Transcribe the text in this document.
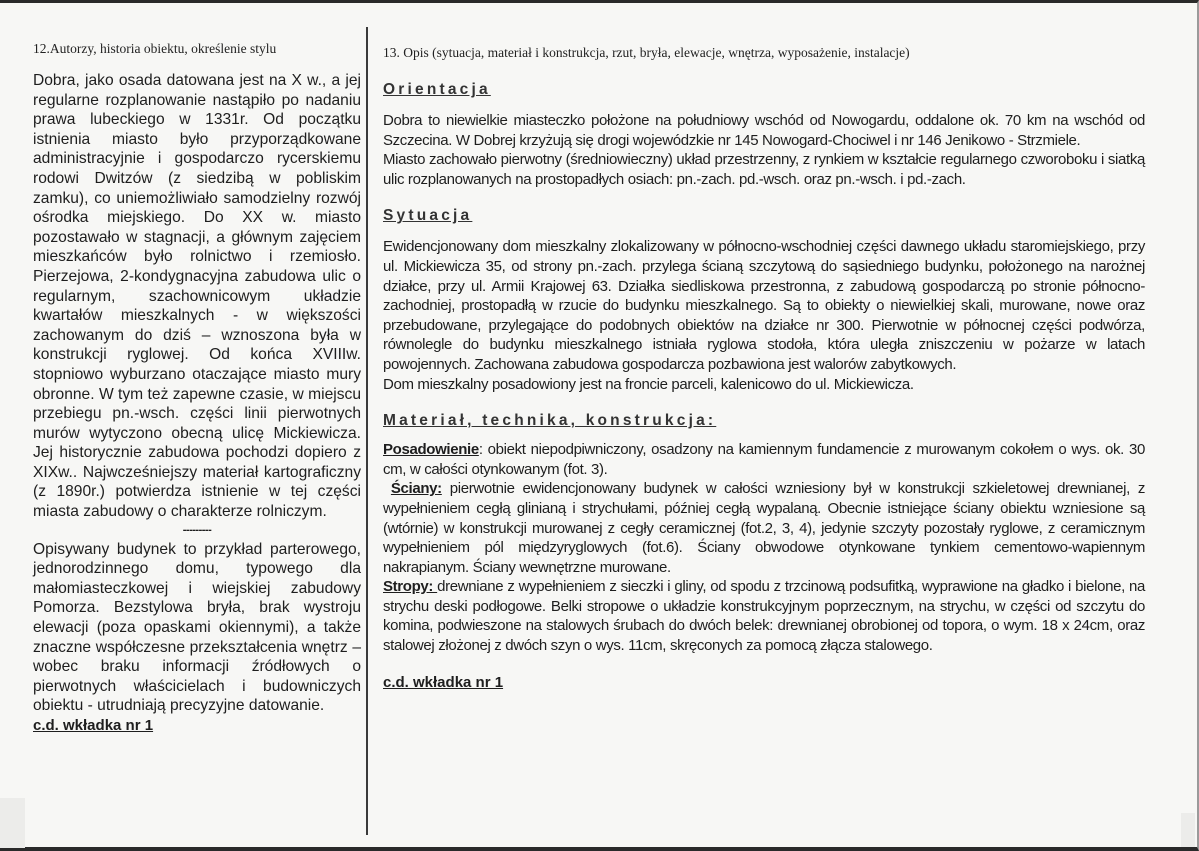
12.Autorzy, historia obiektu, określenie stylu

Dobra, jako osada datowana jest na X w., a jej regularne rozplanowanie nastąpiło po nadaniu prawa lubeckiego w 1331r. Od początku istnienia miasto było przyporządkowane administracyjnie i gospodarczo rycerskiemu rodowi Dwitzów (z siedzibą w pobliskim zamku), co uniemożliwiało samodzielny rozwój ośrodka miejskiego. Do XX w. miasto pozostawało w stagnacji, a głównym zajęciem mieszkańców było rolnictwo i rzemiosło. Pierzejowa, 2-kondygnacyjna zabudowa ulic o regularnym, szachownicowym układzie kwartałów mieszkalnych - w większości zachowanym do dziś – wznoszona była w konstrukcji ryglowej. Od końca XVIIIw. stopniowo wyburzano otaczające miasto mury obronne. W tym też zapewne czasie, w miejscu przebiegu pn.-wsch. części linii pierwotnych murów wytyczono obecną ulicę Mickiewicza. Jej historycznie zabudowa pochodzi dopiero z XIXw.. Najwcześniejszy materiał kartograficzny (z 1890r.) potwierdza istnienie w tej części miasta zabudowy o charakterze rolniczym.

---------

Opisywany budynek to przykład parterowego, jednorodzinnego domu, typowego dla małomiasteczkowej i wiejskiej zabudowy Pomorza. Bezstylowa bryła, brak wystroju elewacji (poza opaskami okiennymi), a także znaczne współczesne przekształcenia wnętrz – wobec braku informacji źródłowych o pierwotnych właścicielach i budowniczych obiektu - utrudniają precyzyjne datowanie.

c.d. wkładka nr 1
13. Opis (sytuacja, materiał i konstrukcja, rzut, bryła, elewacje, wnętrza, wyposażenie, instalacje)
Orientacja

Dobra to niewielkie miasteczko położone na południowy wschód od Nowogardu, oddalone ok. 70 km na wschód od Szczecina. W Dobrej krzyżują się drogi wojewódzkie nr 145 Nowogard-Chociwel i nr 146 Jenikowo - Strzmiele.

Miasto zachowało pierwotny (średniowieczny) układ przestrzenny, z rynkiem w kształcie regularnego czworoboku i siatką ulic rozplanowanych na prostopadłych osiach: pn.-zach. pd.-wsch. oraz pn.-wsch. i pd.-zach.

Sytuacja

Ewidencjonowany dom mieszkalny zlokalizowany w północno-wschodniej części dawnego układu staromiejskiego, przy ul. Mickiewicza 35, od strony pn.-zach. przylega ścianą szczytową do sąsiedniego budynku, położonego na narożnej działce, przy ul. Armii Krajowej 63. Działka siedliskowa przestronna, z zabudową gospodarczą po stronie północno-zachodniej, prostopadłą w rzucie do budynku mieszkalnego. Są to obiekty o niewielkiej skali, murowane, nowe oraz przebudowane, przylegające do podobnych obiektów na działce nr 300. Pierwotnie w północnej części podwórza, równolegle do budynku mieszkalnego istniała ryglowa stodoła, która uległa zniszczeniu w pożarze w latach powojennych. Zachowana zabudowa gospodarcza pozbawiona jest walorów zabytkowych.

Dom mieszkalny posadowiony jest na froncie parceli, kalenicowo do ul. Mickiewicza.

Materiał, technika, konstrukcja:

Posadowienie: obiekt niepodpiwniczony, osadzony na kamiennym fundamencie z murowanym cokołem o wys. ok. 30 cm, w całości otynkowanym (fot. 3).

Ściany: pierwotnie ewidencjonowany budynek w całości wzniesiony był w konstrukcji szkieletowej drewnianej, z wypełnieniem cegłą glinianą i strychułami, później cegłą wypalaną. Obecnie istniejące ściany obiektu wzniesione są (wtórnie) w konstrukcji murowanej z cegły ceramicznej (fot.2, 3, 4), jedynie szczyty pozostały ryglowe, z ceramicznym wypełnieniem pól międzyryglowych (fot.6). Ściany obwodowe otynkowane tynkiem cementowo-wapiennym nakrapianym. Ściany wewnętrzne murowane.

Stropy: drewniane z wypełnieniem z sieczki i gliny, od spodu z trzcinową podsufitką, wyprawione na gładko i bielone, na strychu deski podłogowe. Belki stropowe o układzie konstrukcyjnym poprzecznym, na strychu, w części od szczytu do komina, podwieszone na stalowych śrubach do dwóch belek: drewnianej obrobionej od topora, o wym. 18 x 24cm, oraz stalowej złożonej z dwóch szyn o wys. 11cm, skręconych za pomocą złącza stalowego.

c.d. wkładka nr 1
